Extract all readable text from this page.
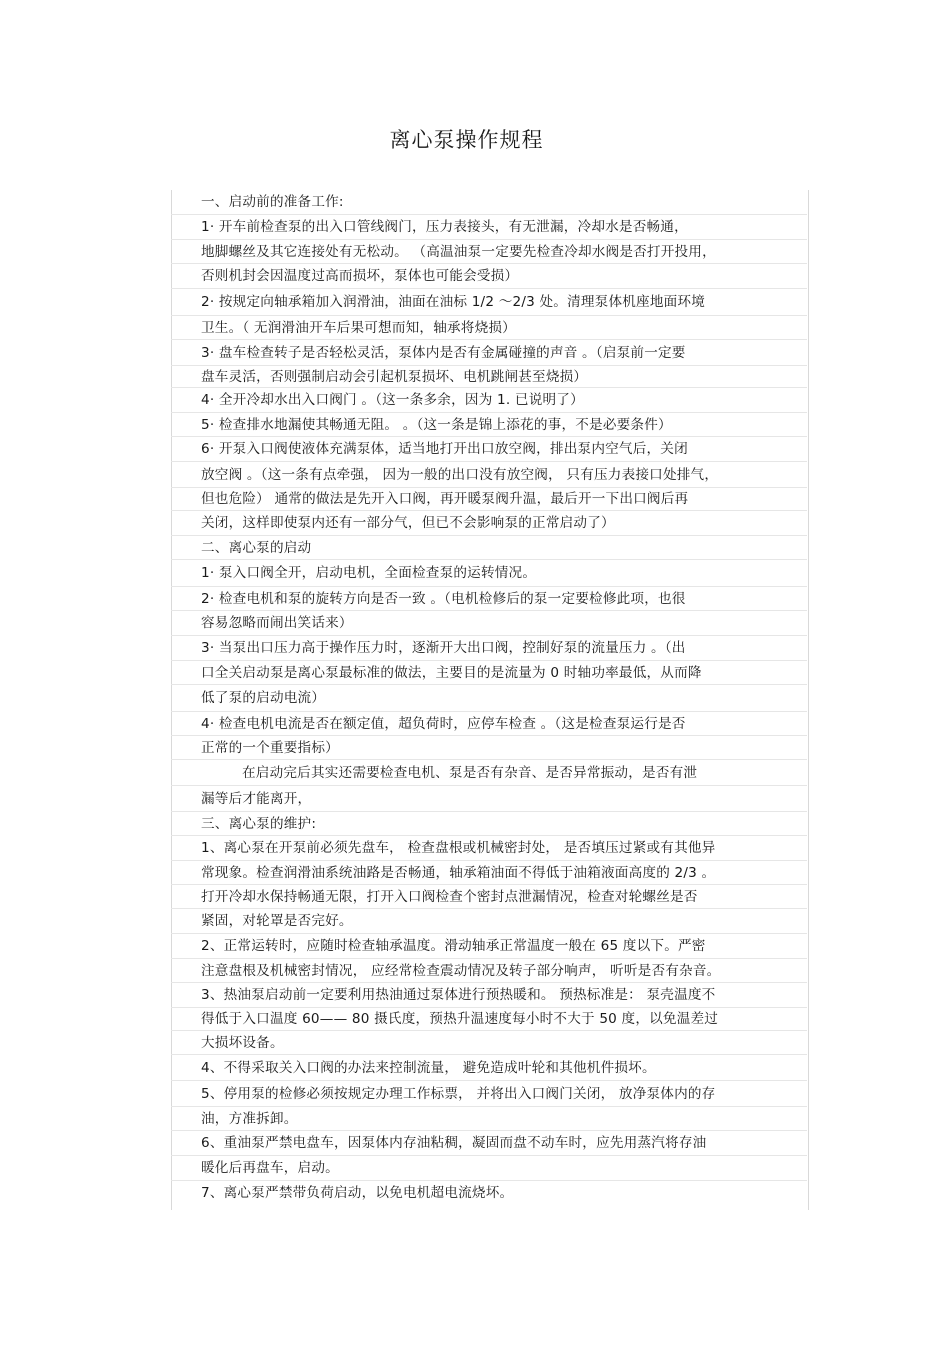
离心泵操作规程
一、启动前的准备工作:
1· 开车前检查泵的出入口管线阀门，压力表接头，有无泄漏，冷却水是否畅通，
地脚螺丝及其它连接处有无松动。 （高温油泵一定要先检查冷却水阀是否打开投用，
否则机封会因温度过高而损坏，泵体也可能会受损）
2· 按规定向轴承箱加入润滑油，油面在油标 1/2 ～2/3 处。清理泵体机座地面环境
卫生。（ 无润滑油开车后果可想而知，轴承将烧损）
3· 盘车检查转子是否轻松灵活，泵体内是否有金属碰撞的声音 。（启泵前一定要
盘车灵活，否则强制启动会引起机泵损坏、电机跳闸甚至烧损）
4· 全开冷却水出入口阀门 。（这一条多余，因为 1. 已说明了）
5· 检查排水地漏使其畅通无阻。 。（这一条是锦上添花的事，不是必要条件）
6· 开泵入口阀使液体充满泵体，适当地打开出口放空阀，排出泵内空气后，关闭
放空阀 。（这一条有点牵强， 因为一般的出口没有放空阀， 只有压力表接口处排气，
但也危险） 通常的做法是先开入口阀，再开暖泵阀升温，最后开一下出口阀后再
关闭，这样即使泵内还有一部分气，但已不会影响泵的正常启动了）
二、离心泵的启动
1· 泵入口阀全开，启动电机，全面检查泵的运转情况。
2· 检查电机和泵的旋转方向是否一致 。（电机检修后的泵一定要检修此项，也很
容易忽略而闹出笑话来）
3· 当泵出口压力高于操作压力时，逐渐开大出口阀，控制好泵的流量压力 。（出
口全关启动泵是离心泵最标准的做法，主要目的是流量为 0 时轴功率最低，从而降
低了泵的启动电流）
4· 检查电机电流是否在额定值，超负荷时，应停车检查 。（这是检查泵运行是否
正常的一个重要指标）
在启动完后其实还需要检查电机、泵是否有杂音、是否异常振动，是否有泄
漏等后才能离开，
三、离心泵的维护:
1、离心泵在开泵前必须先盘车， 检查盘根或机械密封处， 是否填压过紧或有其他异
常现象。检查润滑油系统油路是否畅通，轴承箱油面不得低于油箱液面高度的 2/3 。
打开冷却水保持畅通无限，打开入口阀检查个密封点泄漏情况，检查对轮螺丝是否
紧固，对轮罩是否完好。
2、正常运转时，应随时检查轴承温度。滑动轴承正常温度一般在 65 度以下。严密
注意盘根及机械密封情况， 应经常检查震动情况及转子部分响声， 听听是否有杂音。
3、热油泵启动前一定要利用热油通过泵体进行预热暖和。 预热标准是： 泵壳温度不
得低于入口温度 60—— 80 摄氏度，预热升温速度每小时不大于 50 度，以免温差过
大损坏设备。
4、不得采取关入口阀的办法来控制流量， 避免造成叶轮和其他机件损坏。
5、停用泵的检修必须按规定办理工作标票， 并将出入口阀门关闭， 放净泵体内的存
油，方准拆卸。
6、重油泵严禁电盘车，因泵体内存油粘稠，凝固而盘不动车时，应先用蒸汽将存油
暖化后再盘车，启动。
7、离心泵严禁带负荷启动，以免电机超电流烧坏。
